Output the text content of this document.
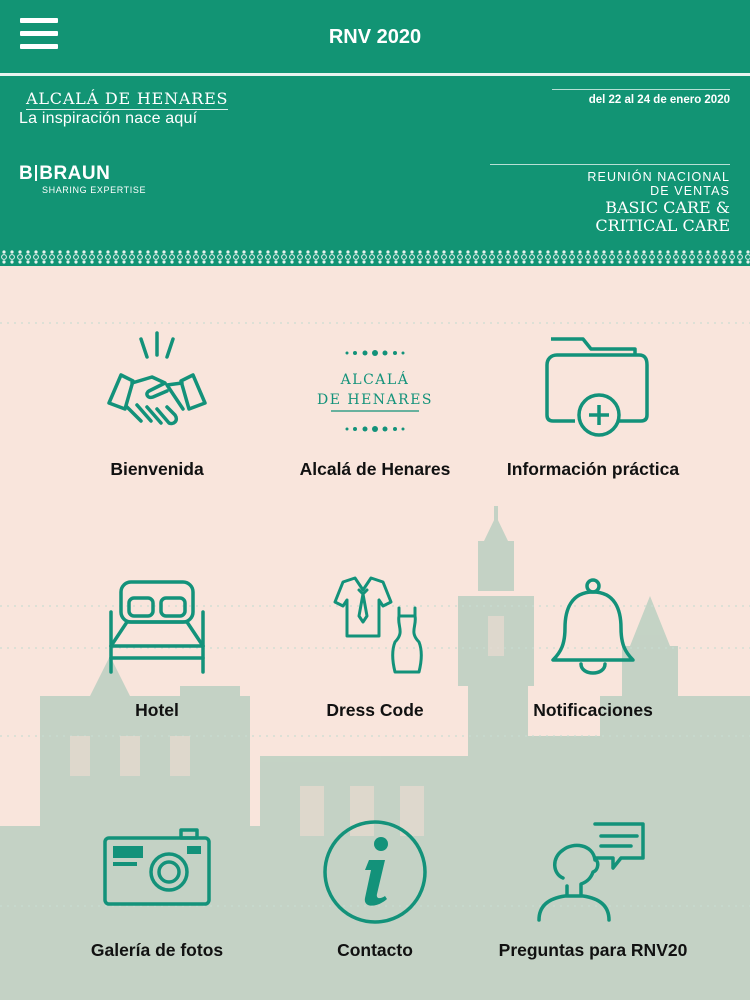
RNV 2020
ALCALÁ DE HENARES
La inspiración nace aquí
del 22 al 24 de enero 2020
B BRAUN
SHARING EXPERTISE
REUNIÓN NACIONAL
DE VENTAS
BASIC CARE &
CRITICAL CARE
Bienvenida
ALCALÁ
DE HENARES
Alcalá de Henares	Información práctica
Hotel	Dress Code	Notificaciones
Galería de fotos	Contacto	Preguntas para RNV20
